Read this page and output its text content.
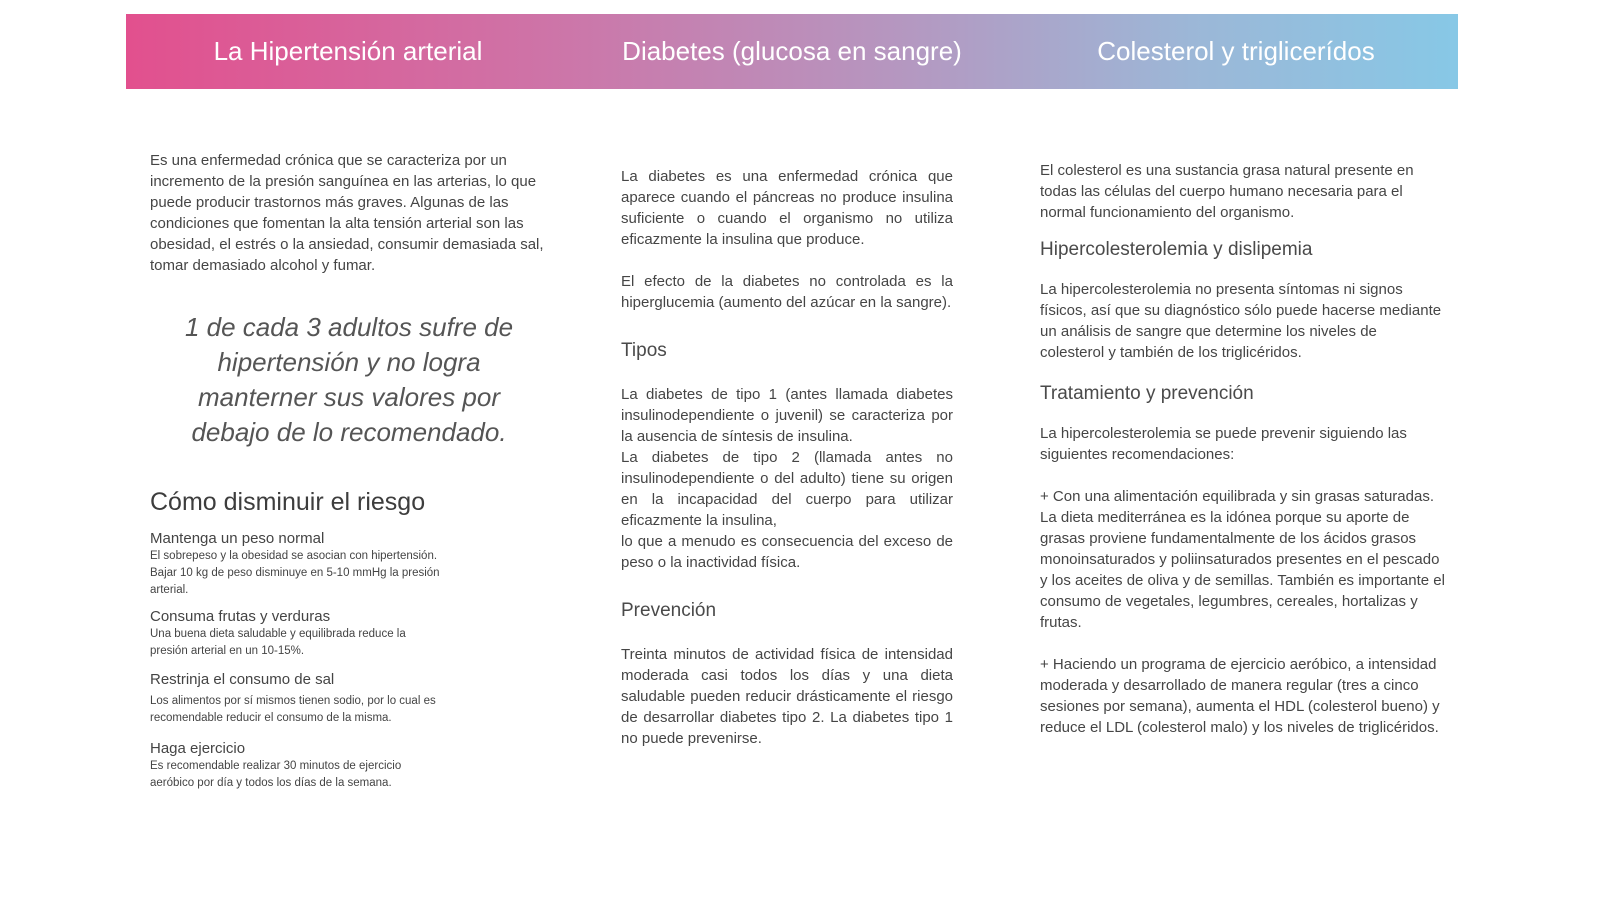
La Hipertensión arterial	Diabetes (glucosa en sangre)	Colesterol y triglicerídos

Es una enfermedad crónica que se caracteriza por un incremento de la presión sanguínea en las arterias, lo que puede producir trastornos más graves. Algunas de las condiciones que fomentan la alta tensión arterial son las obesidad, el estrés o la ansiedad, consumir demasiada sal, tomar demasiado alcohol y fumar.

1 de cada 3 adultos sufre de hipertensión y no logra manterner sus valores por debajo de lo recomendado.

Cómo disminuir el riesgo

Mantenga un peso normal

El sobrepeso y la obesidad se asocian con hipertensión. Bajar 10 kg de peso disminuye en 5-10 mmHg la presión arterial.

Consuma frutas y verduras

Una buena dieta saludable y equilibrada reduce la presión arterial en un 10-15%.

Restrinja el consumo de sal

Los alimentos por sí mismos tienen sodio, por lo cual es recomendable reducir el consumo de la misma.

Haga ejercicio

Es recomendable realizar 30 minutos de ejercicio aeróbico por día y todos los días de la semana.

La diabetes es una enfermedad crónica que aparece cuando el páncreas no produce insulina suficiente o cuando el organismo no utiliza eficazmente la insulina que produce.

El efecto de la diabetes no controlada es la hiperglucemia (aumento del azúcar en la sangre).

Tipos

La diabetes de tipo 1 (antes llamada diabetes insulinodependiente o juvenil) se caracteriza por la ausencia de síntesis de insulina.

La diabetes de tipo 2 (llamada antes no insulinodependiente o del adulto) tiene su origen en la incapacidad del cuerpo para utilizar eficazmente la insulina,

lo que a menudo es consecuencia del exceso de peso o la inactividad física.

Prevención

Treinta minutos de actividad física de intensidad moderada casi todos los días y una dieta saludable pueden reducir drásticamente el riesgo de desarrollar diabetes tipo 2. La diabetes tipo 1 no puede prevenirse.

El colesterol es una sustancia grasa natural presente en todas las células del cuerpo humano necesaria para el normal funcionamiento del organismo.

Hipercolesterolemia y dislipemia

La hipercolesterolemia no presenta síntomas ni signos físicos, así que su diagnóstico sólo puede hacerse mediante un análisis de sangre que determine los niveles de colesterol y también de los triglicéridos.

Tratamiento y prevención

La hipercolesterolemia se puede prevenir siguiendo las siguientes recomendaciones:

+ Con una alimentación equilibrada y sin grasas saturadas. La dieta mediterránea es la idónea porque su aporte de grasas proviene fundamentalmente de los ácidos grasos monoinsaturados y poliinsaturados presentes en el pescado y los aceites de oliva y de semillas. También es importante el consumo de vegetales, legumbres, cereales, hortalizas y frutas.

+ Haciendo un programa de ejercicio aeróbico, a intensidad moderada y desarrollado de manera regular (tres a cinco sesiones por semana), aumenta el HDL (colesterol bueno) y reduce el LDL (colesterol malo) y los niveles de triglicéridos.
